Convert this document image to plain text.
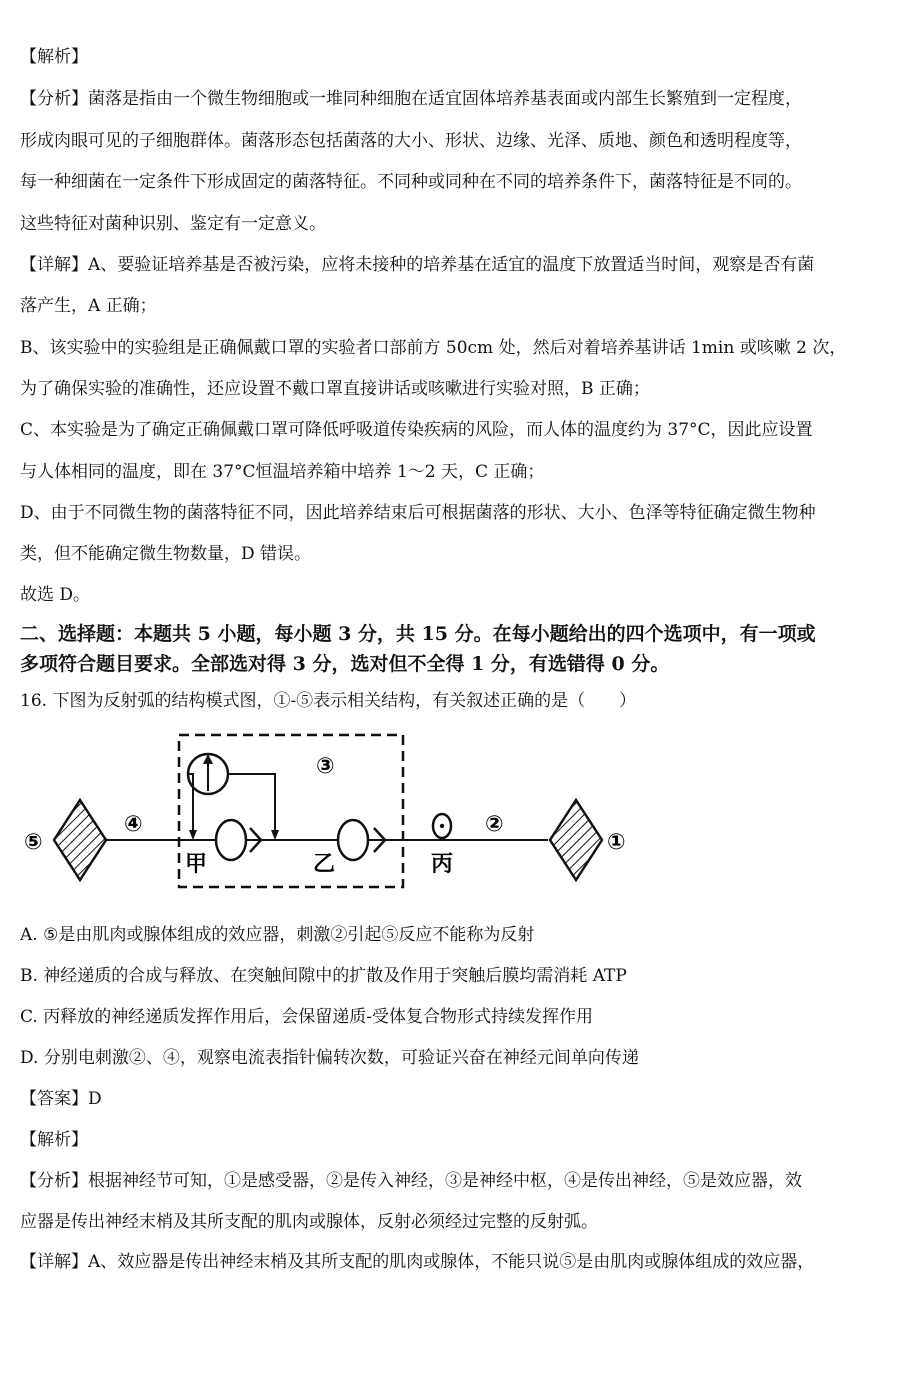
【解析】
【分析】菌落是指由一个微生物细胞或一堆同种细胞在适宜固体培养基表面或内部生长繁殖到一定程度，
形成肉眼可见的子细胞群体。菌落形态包括菌落的大小、形状、边缘、光泽、质地、颜色和透明程度等，
每一种细菌在一定条件下形成固定的菌落特征。不同种或同种在不同的培养条件下，菌落特征是不同的。
这些特征对菌种识别、鉴定有一定意义。
【详解】A、要验证培养基是否被污染，应将未接种的培养基在适宜的温度下放置适当时间，观察是否有菌
落产生，A 正确；
B、该实验中的实验组是正确佩戴口罩的实验者口部前方 50cm 处，然后对着培养基讲话 1min 或咳嗽 2 次，
为了确保实验的准确性，还应设置不戴口罩直接讲话或咳嗽进行实验对照，B 正确；
C、本实验是为了确定正确佩戴口罩可降低呼吸道传染疾病的风险，而人体的温度约为 37°C，因此应设置
与人体相同的温度，即在 37°C恒温培养箱中培养 1～2 天，C 正确；
D、由于不同微生物的菌落特征不同，因此培养结束后可根据菌落的形状、大小、色泽等特征确定微生物种
类，但不能确定微生物数量，D 错误。
故选 D。
二、选择题：本题共 5 小题，每小题 3 分，共 15 分。在每小题给出的四个选项中，有一项或
多项符合题目要求。全部选对得 3 分，选对但不全得 1 分，有选错得 0 分。
16. 下图为反射弧的结构模式图，①-⑤表示相关结构，有关叙述正确的是（　　）
A. ⑤是由肌肉或腺体组成的效应器，刺激②引起⑤反应不能称为反射
B. 神经递质的合成与释放、在突触间隙中的扩散及作用于突触后膜均需消耗 ATP
C. 丙释放的神经递质发挥作用后，会保留递质-受体复合物形式持续发挥作用
D. 分别电刺激②、④，观察电流表指针偏转次数，可验证兴奋在神经元间单向传递
【答案】D
【解析】
【分析】根据神经节可知，①是感受器，②是传入神经，③是神经中枢，④是传出神经，⑤是效应器，效
应器是传出神经末梢及其所支配的肌肉或腺体，反射必须经过完整的反射弧。
【详解】A、效应器是传出神经末梢及其所支配的肌肉或腺体，不能只说⑤是由肌肉或腺体组成的效应器，
⑤
④
③
②
①
甲	乙	丙
